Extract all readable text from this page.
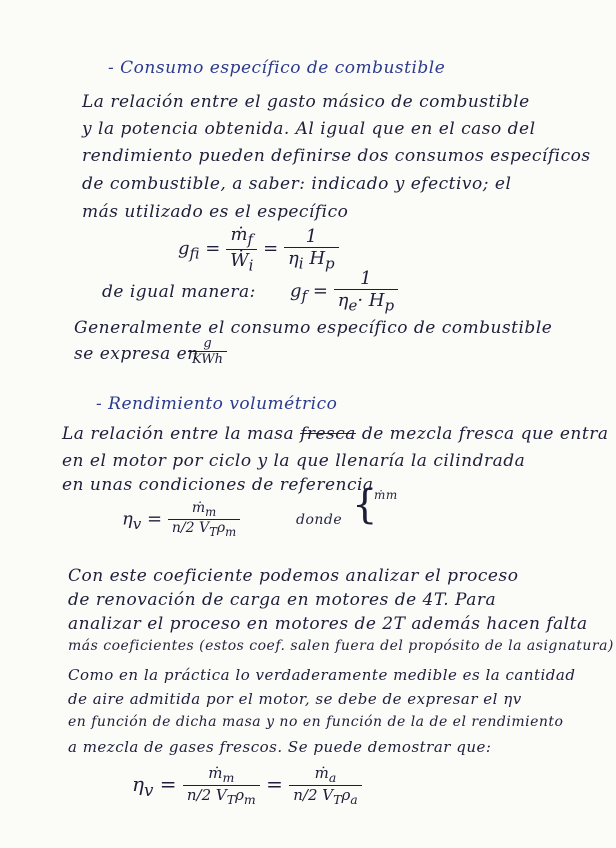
- Consumo específico de combustible
La relación entre el gasto másico de combustible
y la potencia obtenida. Al igual que en el caso del
rendimiento pueden definirse dos consumos específicos
de combustible, a saber: indicado y efectivo; el
más utilizado es el específico
$g_{fi} = \frac{ṁ_f}{Ẇ_i} = \frac{1}{\eta_i H_p}$
de igual manera: $g_f = \frac{1}{\eta_e\cdot H_p}$
Generalmente el consumo específico de combustible
se expresa en
$\frac{g}{\text{KWh}}$
- Rendimiento volumétrico
La relación entre la masa fresca de mezcla fresca que entra
en el motor por ciclo y la que llenaría la cilindrada
en unas condiciones de referencia
$\eta_v = \frac{ṁ_m}{n/2 V_T\rho_m}$	donde {
ṁm
Con este coeficiente podemos analizar el proceso
de renovación de carga en motores de 4T. Para
analizar el proceso en motores de 2T además hacen falta
más coeficientes (estos coef. salen fuera del propósito de la asignatura)
Como en la práctica lo verdaderamente medible es la cantidad
de aire admitida por el motor, se debe de expresar el ηv
en función de dicha masa y no en función de la de el rendimiento
a mezcla de gases frescos. Se puede demostrar que:
$\eta_v = \frac{ṁ_m}{n/2 V_T\rho_m} = \frac{ṁ_a}{n/2 V_T\rho_a}$
